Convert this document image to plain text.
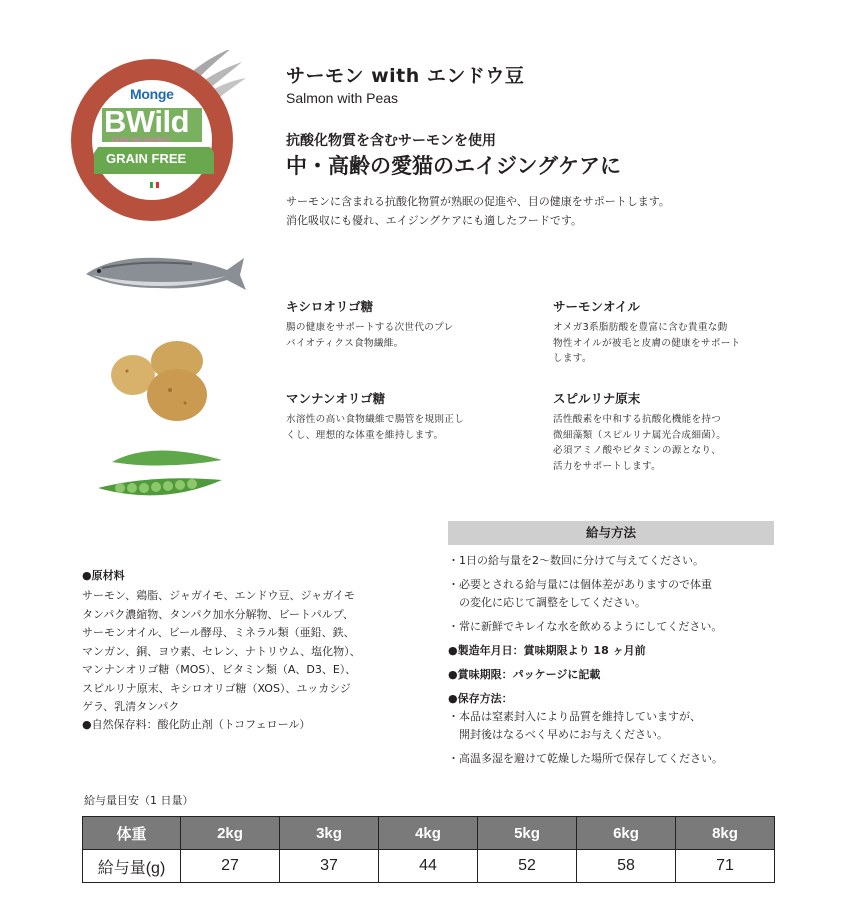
Monge
BWild
FEED THE INSTINCT
GRAIN FREE
サーモン with エンドウ豆
Salmon with Peas
抗酸化物質を含むサーモンを使用
中・高齢の愛猫のエイジングケアに
サーモンに含まれる抗酸化物質が熟眠の促進や、目の健康をサポートします。
消化吸収にも優れ、エイジングケアにも適したフードです。
キシロオリゴ糖
腸の健康をサポートする次世代のプレ
バイオティクス食物繊維。
サーモンオイル
オメガ3系脂肪酸を豊富に含む貴重な動
物性オイルが被毛と皮膚の健康をサポート
します。
マンナンオリゴ糖
水溶性の高い食物繊維で腸管を規則正し
くし、理想的な体重を維持します。
スピルリナ原末
活性酸素を中和する抗酸化機能を持つ
微細藻類（スピルリナ属光合成細菌）。
必須アミノ酸やビタミンの源となり、
活力をサポートします。
給与方法
・1日の給与量を2～数回に分けて与えてください。
・必要とされる給与量には個体差がありますので体重
　の変化に応じて調整をしてください。
・常に新鮮でキレイな水を飲めるようにしてください。
●製造年月日：賞味期限より 18 ヶ月前
●賞味期限：パッケージに記載
●保存方法：
・本品は窒素封入により品質を維持していますが、
　開封後はなるべく早めにお与えください。
・高温多湿を避けて乾燥した場所で保存してください。
●原材料
サーモン、鶏脂、ジャガイモ、エンドウ豆、ジャガイモ
タンパク濃縮物、タンパク加水分解物、ビートパルプ、
サーモンオイル、ビール酵母、ミネラル類（亜鉛、鉄、
マンガン、銅、ヨウ素、セレン、ナトリウム、塩化物）、
マンナンオリゴ糖（MOS）、ビタミン類（A、D3、E）、
スピルリナ原末、キシロオリゴ糖（XOS）、ユッカシジ
ゲラ、乳清タンパク
●自然保存料：酸化防止剤（トコフェロール）
給与量目安（1 日量）
体重	2kg	3kg	4kg	5kg	6kg	8kg
給与量(g)	27	37	44	52	58	71
